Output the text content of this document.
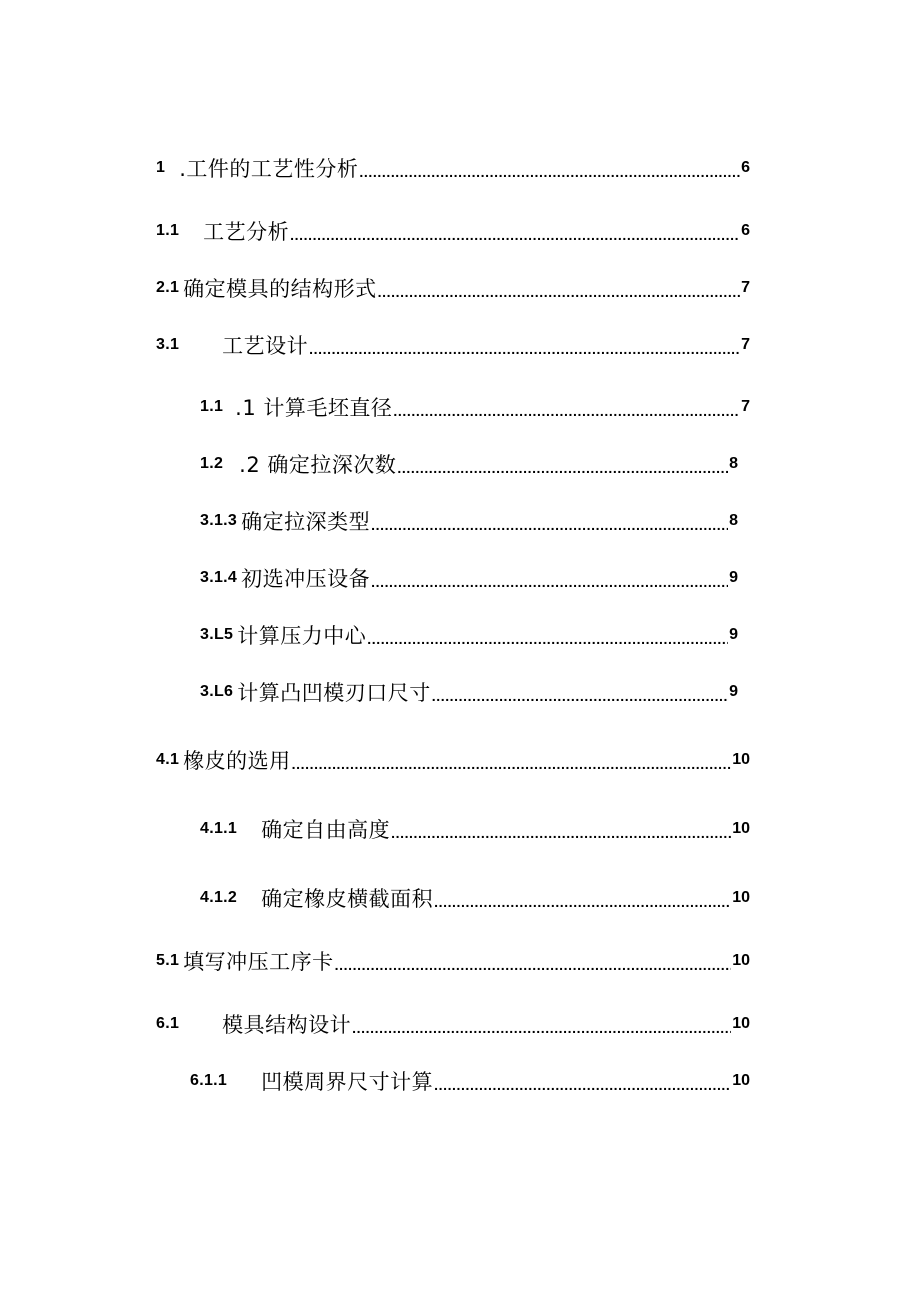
1 .工件的工艺性分析 .....	6
1.1 工艺分析 .....	6
2.1 确定模具的结构形式 .....	7
3.1 工艺设计 .....	7
1.1 .1 计算毛坯直径 .....	7
1.2 .2 确定拉深次数 .....	8
3.1.3 确定拉深类型 .....	8
3.1.4 初选冲压设备 .....	9
3.L5 计算压力中心 .....	9
3.L6 计算凸凹模刃口尺寸 .....	9
4.1 橡皮的选用 .....	10
4.1.1 确定自由高度 .....	10
4.1.2 确定橡皮横截面积 .....	10
5.1 填写冲压工序卡 .....	10
6.1 模具结构设计 .....	10
6.1.1 凹模周界尺寸计算 .....	10
